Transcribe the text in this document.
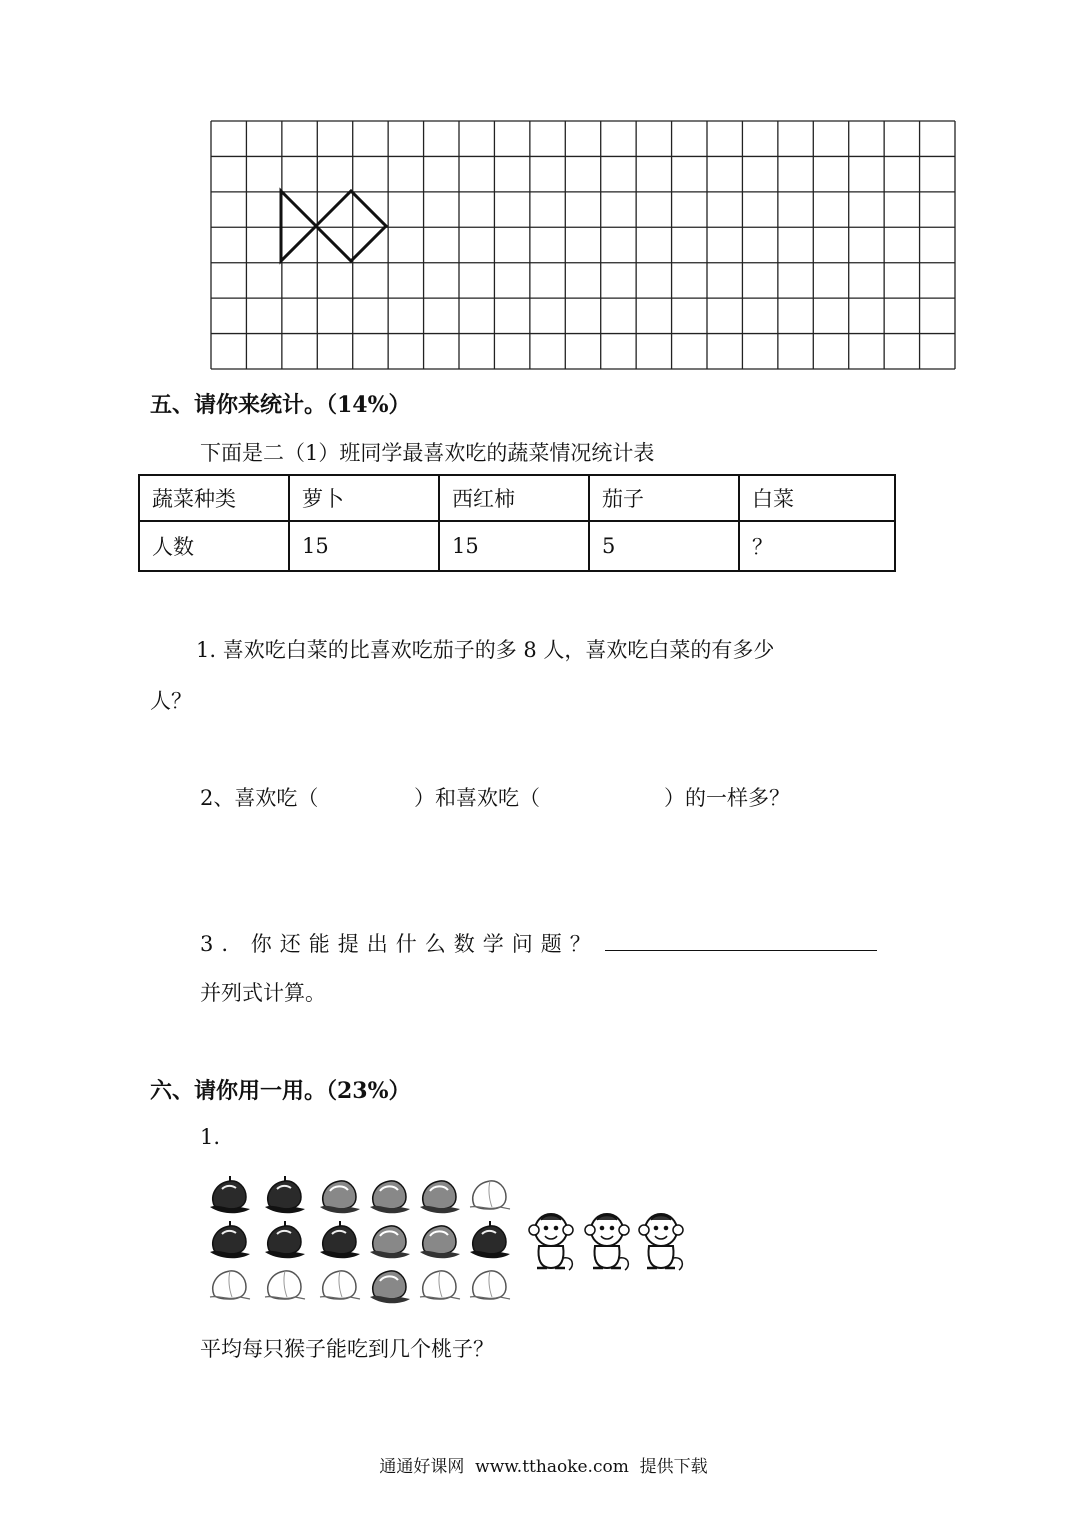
五、请你来统计。（14%）
下面是二（1）班同学最喜欢吃的蔬菜情况统计表
蔬菜种类	萝卜	西红柿	茄子	白菜
人数	15	15	5	？
1. 喜欢吃白菜的比喜欢吃茄子的多 8 人，喜欢吃白菜的有多少
人？
2、喜欢吃（	）和喜欢吃（	）的一样多？
3. 你还能提出什么数学问题？
并列式计算。
六、请你用一用。（23%）
1.
平均每只猴子能吃到几个桃子？
通通好课网  www.tthaoke.com  提供下载
